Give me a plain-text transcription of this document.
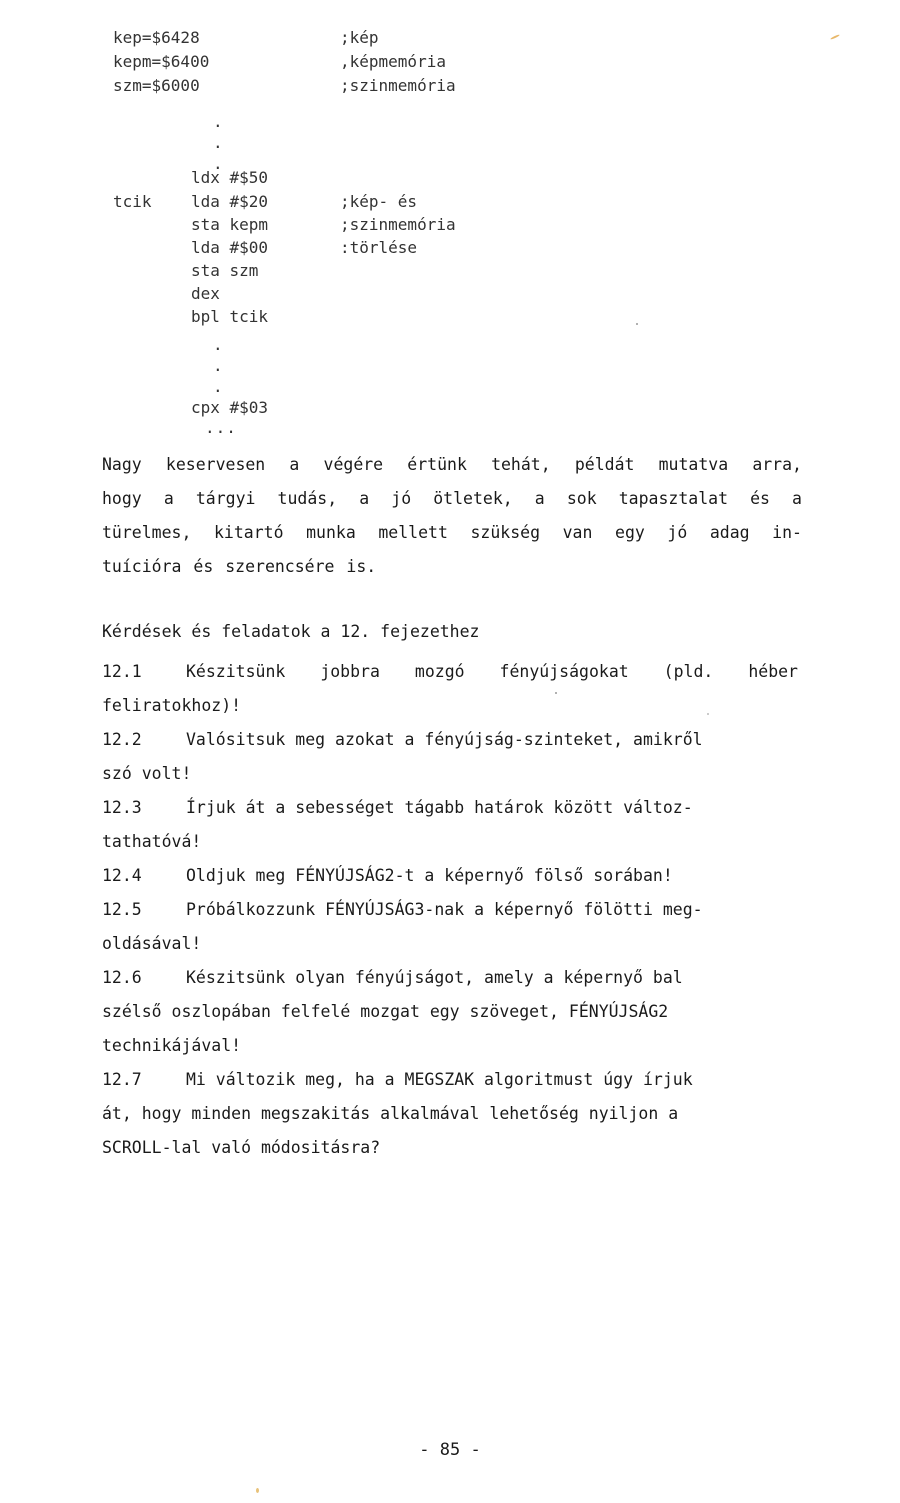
kep=$6428	;kép
kepm=$6400	,képmemória
szm=$6000	;szinmemória
.
.
.
ldx #$50
tcik lda #$20	;kép- és
sta kepm	;szinmemória
lda #$00	:törlése
sta szm
dex
bpl tcik
.
.
.
cpx #$03
...
Nagy keservesen a végére értünk tehát, példát mutatva arra,
hogy a tárgyi tudás, a jó ötletek, a sok tapasztalat és a
türelmes, kitartó munka mellett szükség van egy jó adag in-
tuícióra és szerencsére is.
Kérdések és feladatok a 12. fejezethez
12.1	Készitsünk jobbra mozgó fényújságokat (pld. héber
feliratokhoz)!
12.2	Valósitsuk meg azokat a fényújság-szinteket, amikről
szó volt!
12.3	Írjuk át a sebességet tágabb határok között változ-
tathatóvá!
12.4	Oldjuk meg FÉNYÚJSÁG2-t a képernyő fölső sorában!
12.5	Próbálkozzunk FÉNYÚJSÁG3-nak a képernyő fölötti meg-
oldásával!
12.6	Készitsünk olyan fényújságot, amely a képernyő bal
szélső oszlopában felfelé mozgat egy szöveget, FÉNYÚJSÁG2
technikájával!
12.7	Mi változik meg, ha a MEGSZAK algoritmust úgy írjuk
át, hogy minden megszakitás alkalmával lehetőség nyiljon a
SCROLL-lal való módositásra?
- 85 -
